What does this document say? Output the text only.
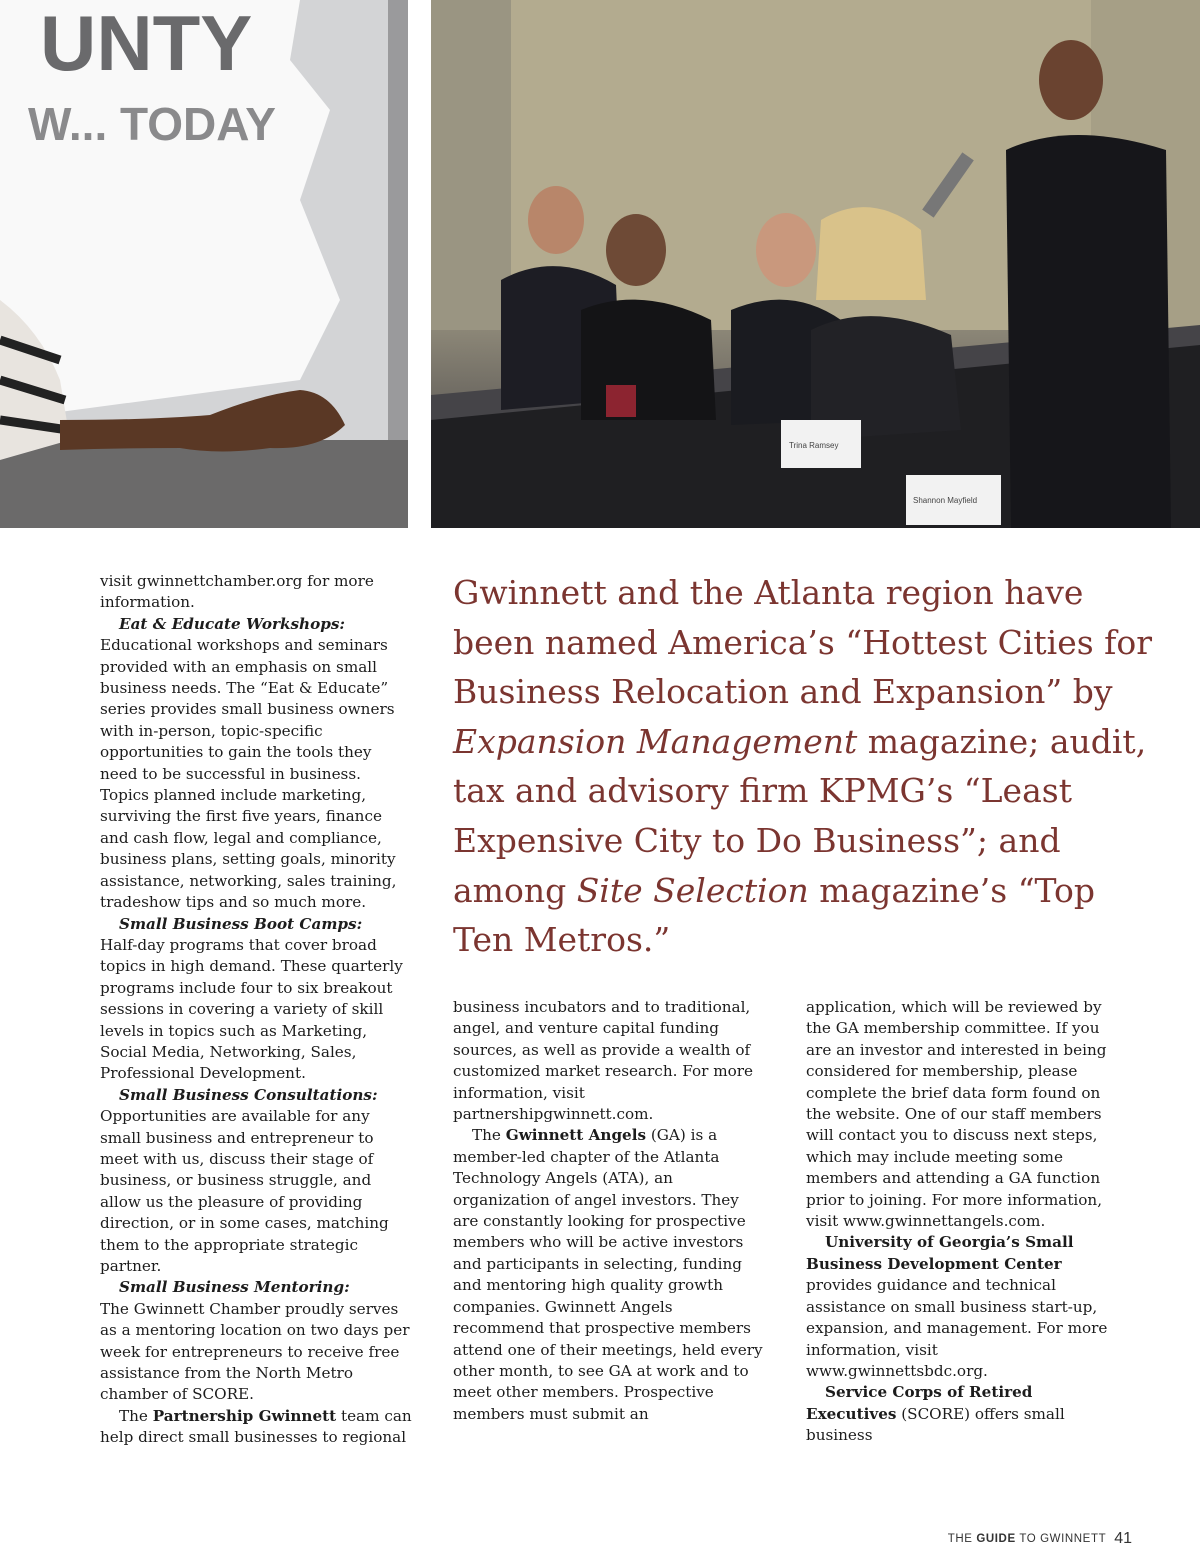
UNTY
W... TODAY
Trina Ramsey
Shannon Mayfield

visit gwinnettchamber.org for more information.

Eat & Educate Workshops:

Educational workshops and seminars provided with an emphasis on small business needs. The “Eat & Educate” series provides small business owners with in-person, topic-specific opportunities to gain the tools they need to be successful in business. Topics planned include marketing, surviving the first five years, finance and cash flow, legal and compliance, business plans, setting goals, minority assistance, networking, sales training, tradeshow tips and so much more.

Small Business Boot Camps:

Half-day programs that cover broad topics in high demand. These quarterly programs include four to six breakout sessions in covering a variety of skill levels in topics such as Marketing, Social Media, Networking, Sales, Professional Development.

Small Business Consultations:

Opportunities are available for any small business and entrepreneur to meet with us, discuss their stage of business, or business struggle, and allow us the pleasure of providing direction, or in some cases, matching them to the appropriate strategic partner.

Small Business Mentoring:

The Gwinnett Chamber proudly serves as a mentoring location on two days per week for entrepreneurs to receive free assistance from the North Metro chamber of SCORE.

The Partnership Gwinnett team can help direct small businesses to regional

Gwinnett and the Atlanta region have been named America’s “Hottest Cities for Business Relocation and Expansion” by Expansion Management magazine; audit, tax and advisory firm KPMG’s “Least Expensive City to Do Business”; and among Site Selection magazine’s “Top Ten Metros.”

business incubators and to traditional, angel, and venture capital funding sources, as well as provide a wealth of customized market research. For more information, visit partnershipgwinnett.com.

The Gwinnett Angels (GA) is a member-led chapter of the Atlanta Technology Angels (ATA), an organization of angel investors. They are constantly looking for prospective members who will be active investors and participants in selecting, funding and mentoring high quality growth companies. Gwinnett Angels recommend that prospective members attend one of their meetings, held every other month, to see GA at work and to meet other members. Prospective members must submit an

application, which will be reviewed by the GA membership committee. If you are an investor and interested in being considered for membership, please complete the brief data form found on the website. One of our staff members will contact you to discuss next steps, which may include meeting some members and attending a GA function prior to joining. For more information, visit www.gwinnettangels.com.

University of Georgia’s Small Business Development Center provides guidance and technical assistance on small business start-up, expansion, and management. For more information, visit www.gwinnettsbdc.org.

Service Corps of Retired Executives (SCORE) offers small business

THE GUIDE TO GWINNETT 41
